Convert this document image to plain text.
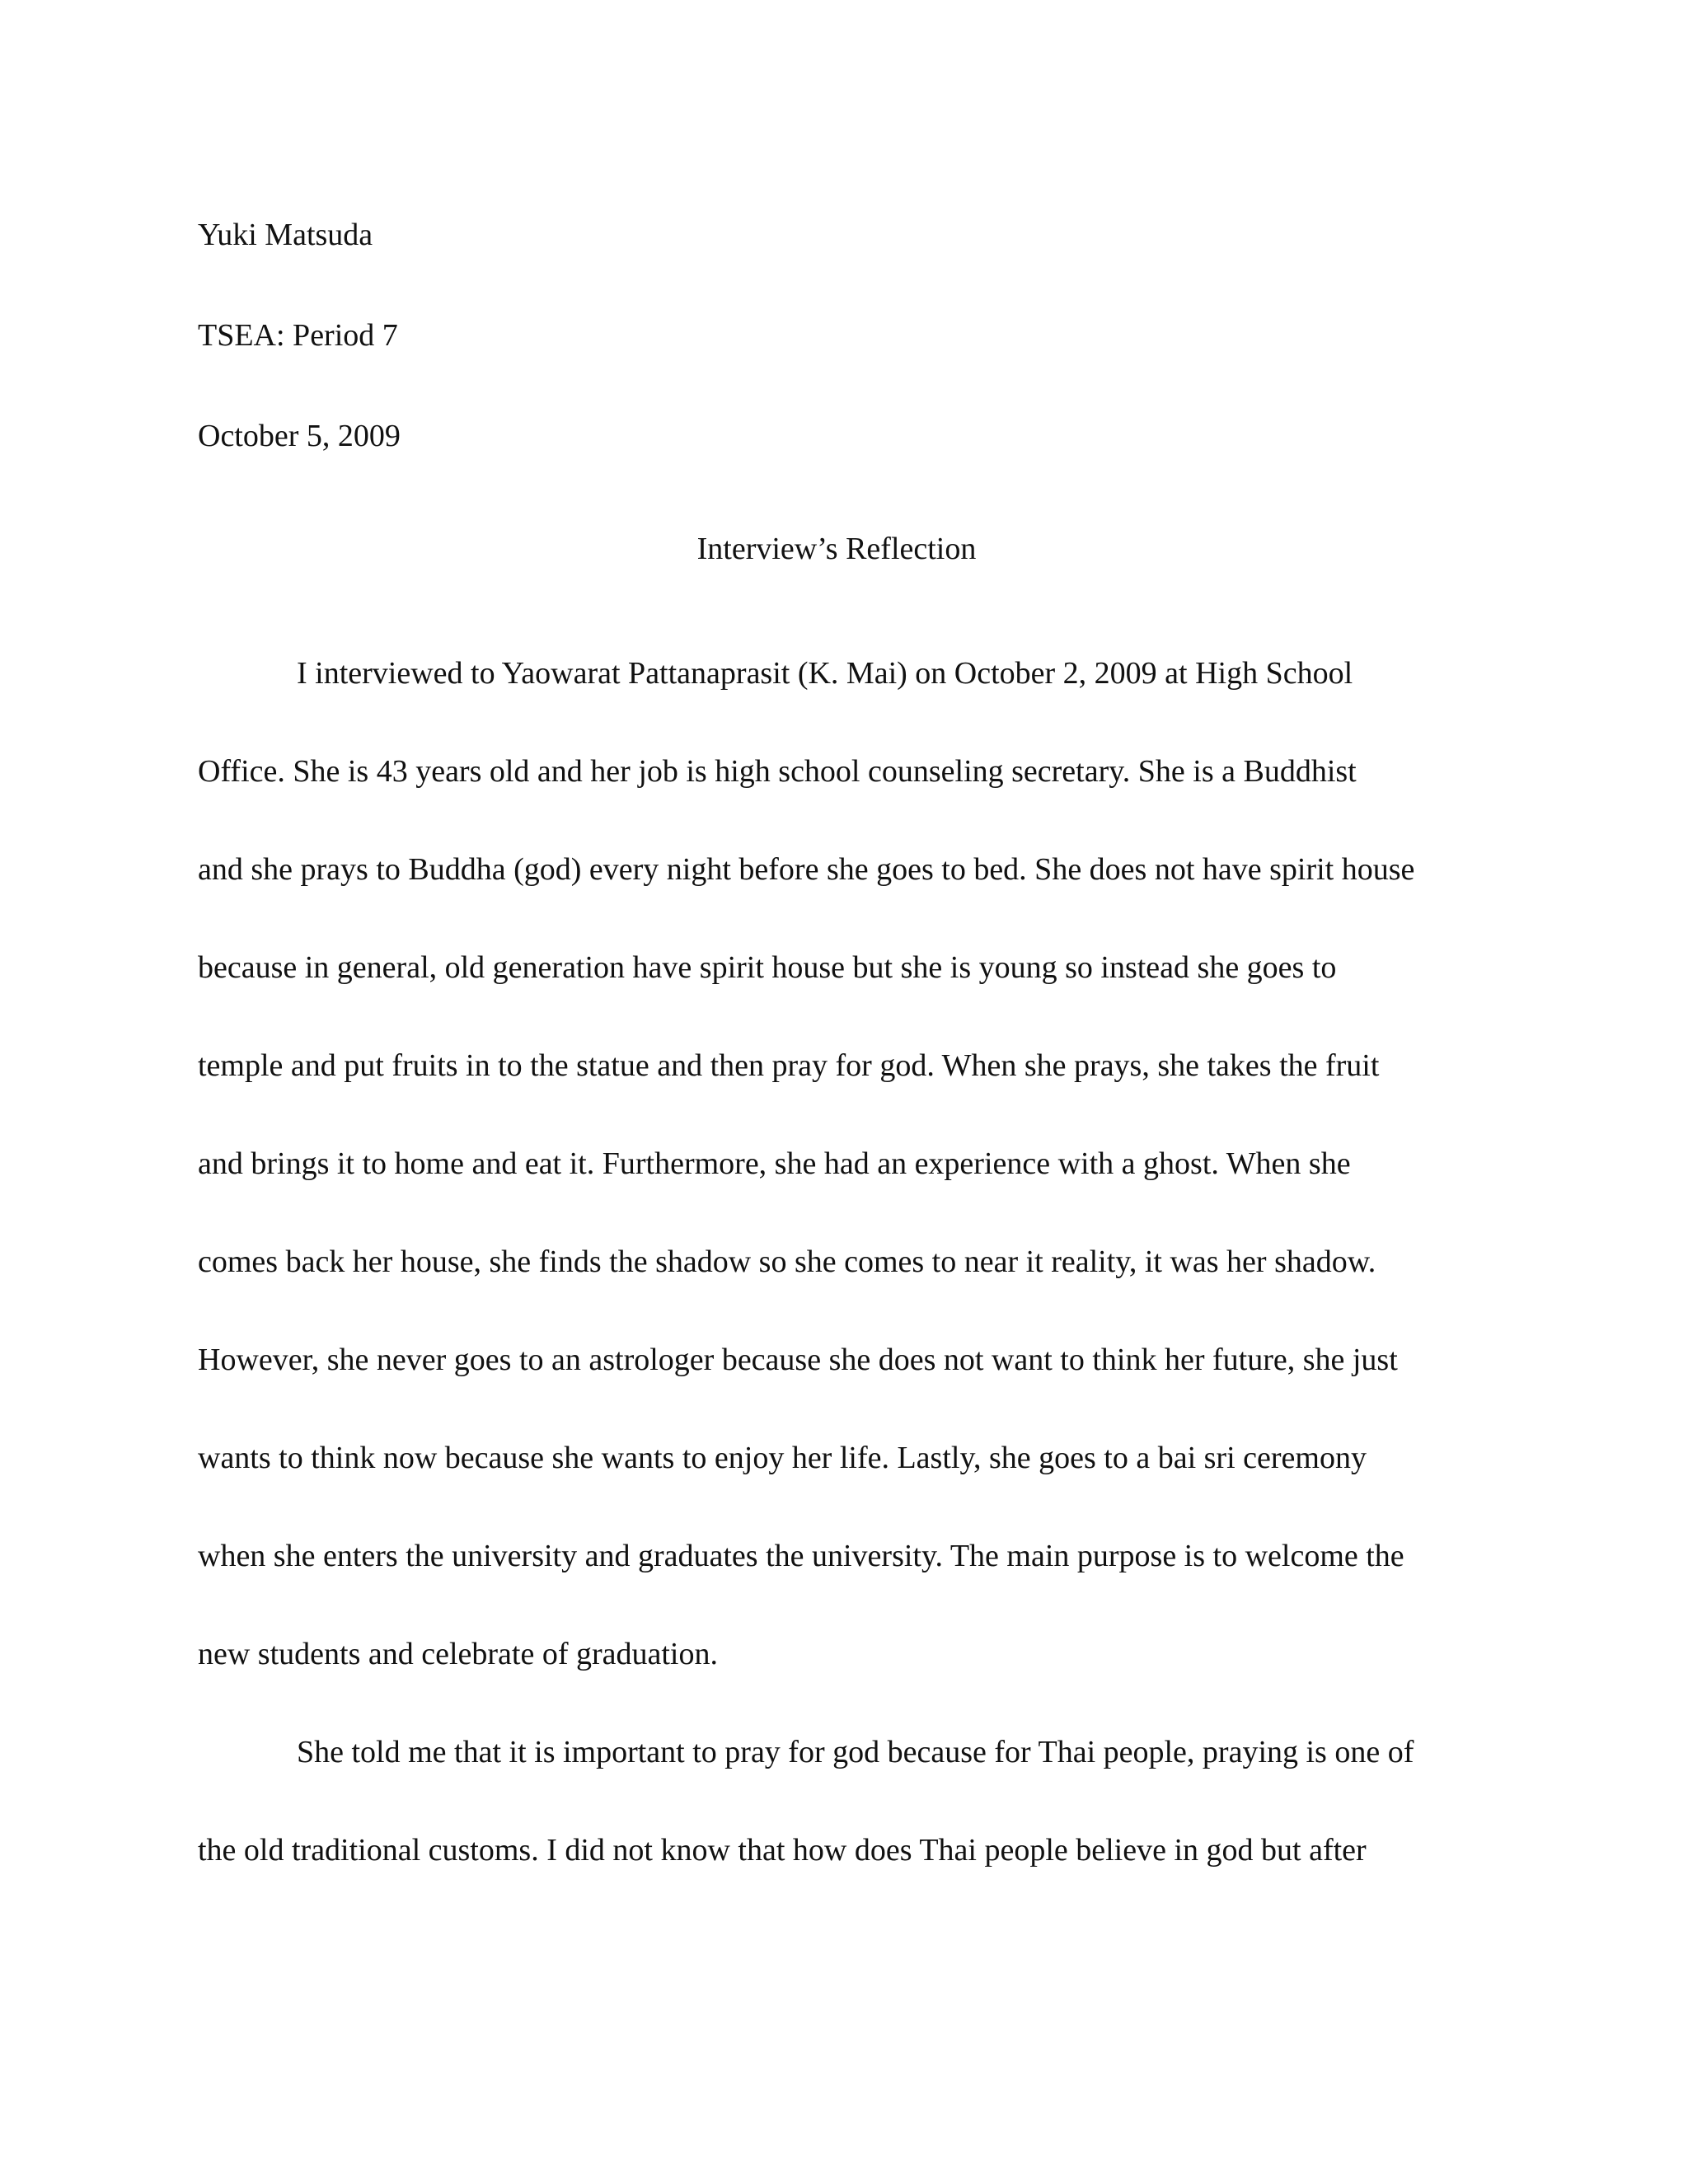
Yuki Matsuda

TSEA: Period 7

October 5, 2009

Interview’s Reflection

I interviewed to Yaowarat Pattanaprasit (K. Mai) on October 2, 2009 at High School

Office. She is 43 years old and her job is high school counseling secretary. She is a Buddhist

and she prays to Buddha (god) every night before she goes to bed. She does not have spirit house

because in general, old generation have spirit house but she is young so instead she goes to

temple and put fruits in to the statue and then pray for god. When she prays, she takes the fruit

and brings it to home and eat it. Furthermore, she had an experience with a ghost. When she

comes back her house, she finds the shadow so she comes to near it reality, it was her shadow.

However, she never goes to an astrologer because she does not want to think her future, she just

wants to think now because she wants to enjoy her life. Lastly, she goes to a bai sri ceremony

when she enters the university and graduates the university. The main purpose is to welcome the

new students and celebrate of graduation.

She told me that it is important to pray for god because for Thai people, praying is one of

the old traditional customs. I did not know that how does Thai people believe in god but after
